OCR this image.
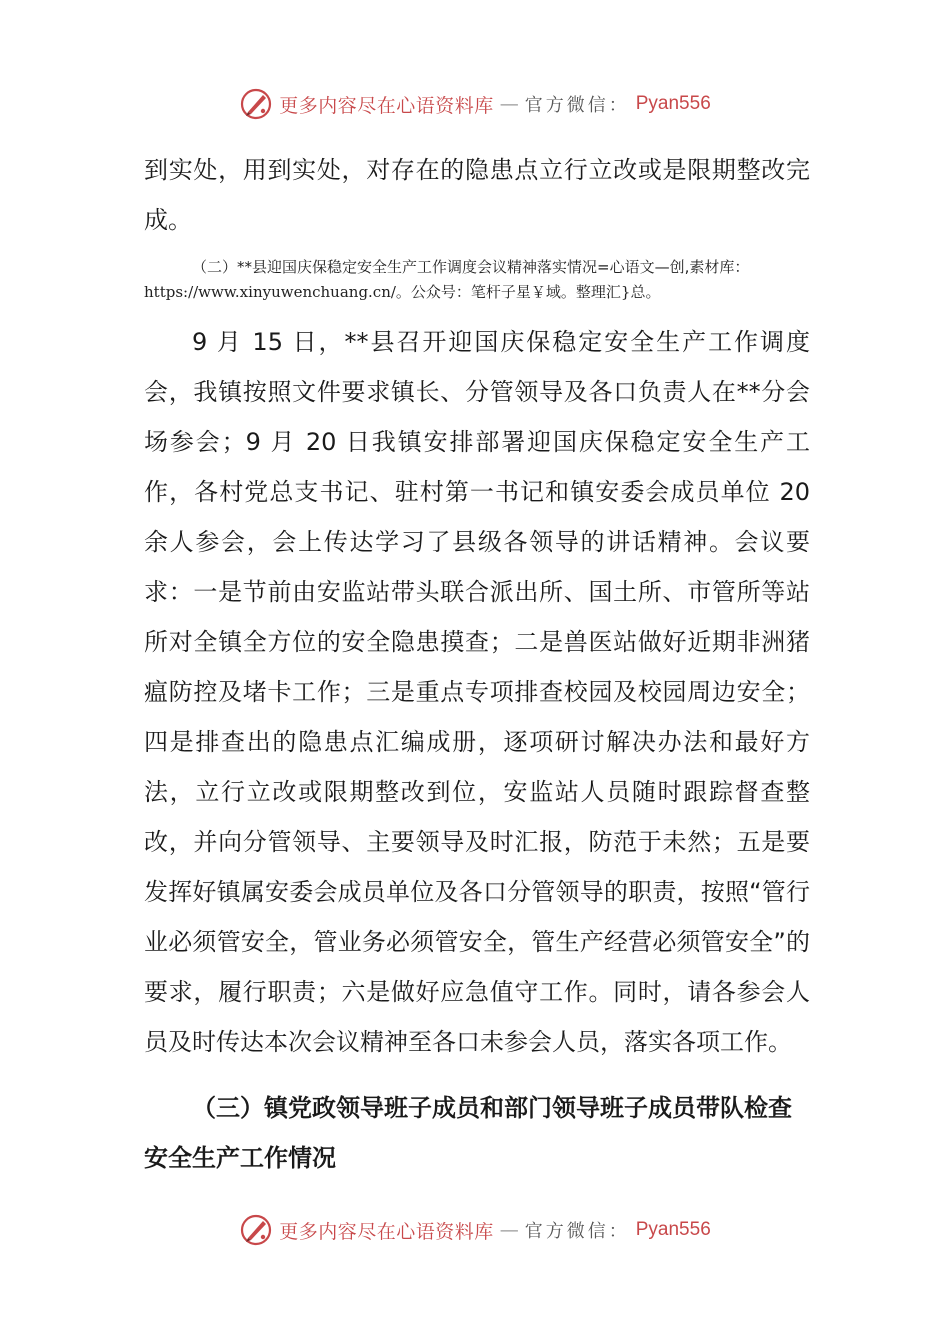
更多内容尽在心语资料库 — 官方微信： Pyan556

到实处，用到实处，对存在的隐患点立行立改或是限期整改完成。

（二）**县迎国庆保稳定安全生产工作调度会议精神落实情况=心语文—创,素材库：
https://www.xinyuwenchuang.cn/。公众号：笔杆子星￥域。整理汇}总。

9 月 15 日，**县召开迎国庆保稳定安全生产工作调度会，我镇按照文件要求镇长、分管领导及各口负责人在**分会场参会；9 月 20 日我镇安排部署迎国庆保稳定安全生产工作，各村党总支书记、驻村第一书记和镇安委会成员单位 20 余人参会，会上传达学习了县级各领导的讲话精神。会议要求：一是节前由安监站带头联合派出所、国土所、市管所等站所对全镇全方位的安全隐患摸查；二是兽医站做好近期非洲猪瘟防控及堵卡工作；三是重点专项排查校园及校园周边安全；四是排查出的隐患点汇编成册，逐项研讨解决办法和最好方法，立行立改或限期整改到位，安监站人员随时跟踪督查整改，并向分管领导、主要领导及时汇报，防范于未然；五是要发挥好镇属安委会成员单位及各口分管领导的职责，按照“管行业必须管安全，管业务必须管安全，管生产经营必须管安全”的要求，履行职责；六是做好应急值守工作。同时，请各参会人员及时传达本次会议精神至各口未参会人员，落实各项工作。

（三）镇党政领导班子成员和部门领导班子成员带队检查安全生产工作情况

更多内容尽在心语资料库 — 官方微信： Pyan556
